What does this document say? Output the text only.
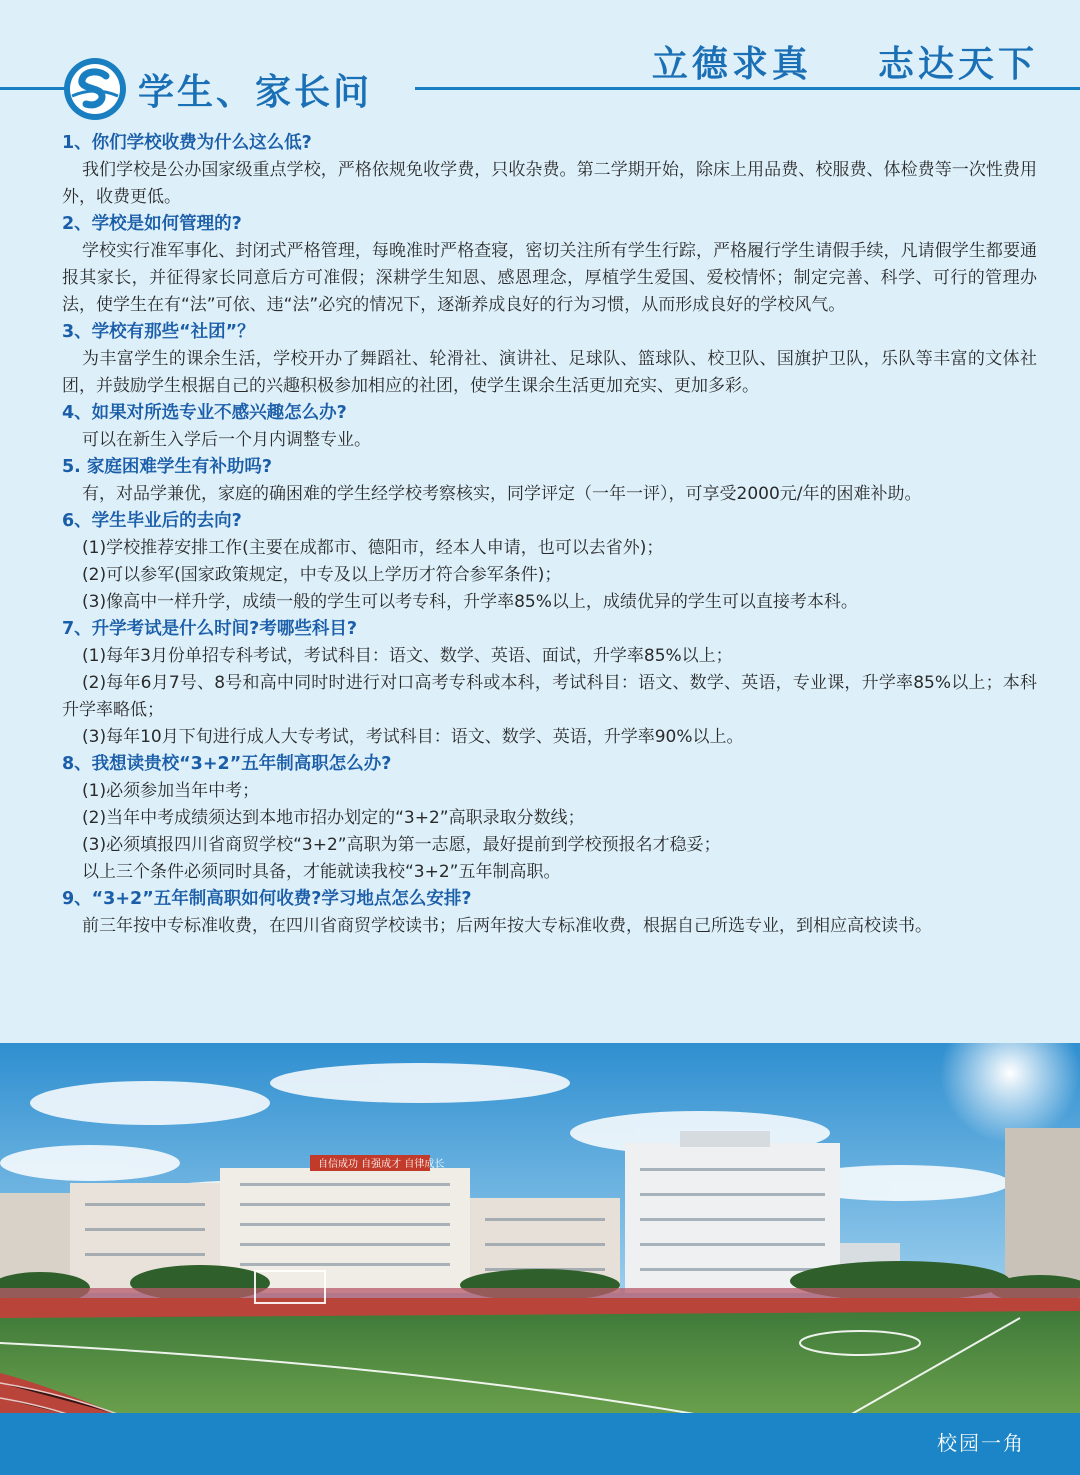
立德求真    志达天下
学生、家长问
1、你们学校收费为什么这么低?
我们学校是公办国家级重点学校，严格依规免收学费，只收杂费。第二学期开始，除床上用品费、校服费、体检费等一次性费用外，收费更低。
2、学校是如何管理的?
学校实行准军事化、封闭式严格管理，每晚准时严格查寝，密切关注所有学生行踪，严格履行学生请假手续，凡请假学生都要通报其家长，并征得家长同意后方可准假；深耕学生知恩、感恩理念，厚植学生爱国、爱校情怀；制定完善、科学、可行的管理办法，使学生在有“法”可依、违“法”必究的情况下，逐渐养成良好的行为习惯，从而形成良好的学校风气。
3、学校有那些“社团”？
为丰富学生的课余生活，学校开办了舞蹈社、轮滑社、演讲社、足球队、篮球队、校卫队、国旗护卫队，乐队等丰富的文体社团，并鼓励学生根据自己的兴趣积极参加相应的社团，使学生课余生活更加充实、更加多彩。
4、如果对所选专业不感兴趣怎么办?
可以在新生入学后一个月内调整专业。
5. 家庭困难学生有补助吗?
有，对品学兼优，家庭的确困难的学生经学校考察核实，同学评定（一年一评），可享受2000元/年的困难补助。
6、学生毕业后的去向?
(1)学校推荐安排工作(主要在成都市、德阳市，经本人申请，也可以去省外)；
(2)可以参军(国家政策规定，中专及以上学历才符合参军条件)；
(3)像高中一样升学，成绩一般的学生可以考专科，升学率85%以上，成绩优异的学生可以直接考本科。
7、升学考试是什么时间?考哪些科目?
(1)每年3月份单招专科考试，考试科目：语文、数学、英语、面试，升学率85%以上；
(2)每年6月7号、8号和高中同时时进行对口高考专科或本科，考试科目：语文、数学、英语，专业课，升学率85%以上；本科升学率略低；
(3)每年10月下旬进行成人大专考试，考试科目：语文、数学、英语，升学率90%以上。
8、我想读贵校“3+2”五年制高职怎么办?
(1)必须参加当年中考；
(2)当年中考成绩须达到本地市招办划定的“3+2”高职录取分数线；
(3)必须填报四川省商贸学校“3+2”高职为第一志愿，最好提前到学校预报名才稳妥；
以上三个条件必须同时具备，才能就读我校“3+2”五年制高职。
9、“3+2”五年制高职如何收费?学习地点怎么安排?
前三年按中专标准收费，在四川省商贸学校读书；后两年按大专标准收费，根据自己所选专业，到相应高校读书。
自信成功 自强成才 自律成长
校园一角
